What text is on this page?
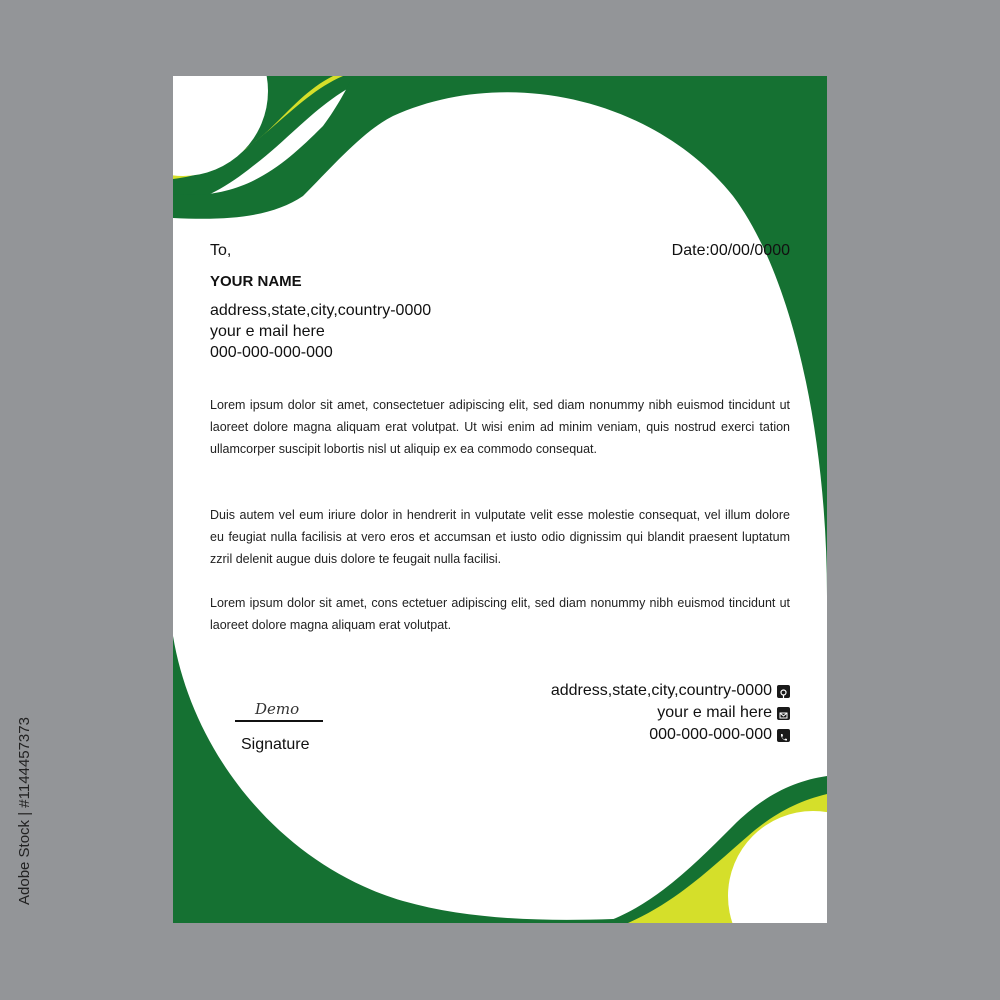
Adobe Stock | #1144457373
To,	Date:00/00/0000
YOUR NAME
address,state,city,country-0000
your e mail here
000-000-000-000
Lorem ipsum dolor sit amet, consectetuer adipiscing elit, sed diam nonummy nibh euismod tincidunt ut laoreet dolore magna aliquam erat volutpat. Ut wisi enim ad minim veniam, quis nostrud exerci tation ullamcorper suscipit lobortis nisl ut aliquip ex ea commodo consequat.
Duis autem vel eum iriure dolor in hendrerit in vulputate velit esse molestie consequat, vel illum dolore eu feugiat nulla facilisis at vero eros et accumsan et iusto odio dignissim qui blandit praesent luptatum zzril delenit augue duis dolore te feugait nulla facilisi.
Lorem ipsum dolor sit amet, cons ectetuer adipiscing elit, sed diam nonummy nibh euismod tincidunt ut laoreet dolore magna aliquam erat volutpat.
address,state,city,country-0000
your e mail here
000-000-000-000
Demo
Signature
